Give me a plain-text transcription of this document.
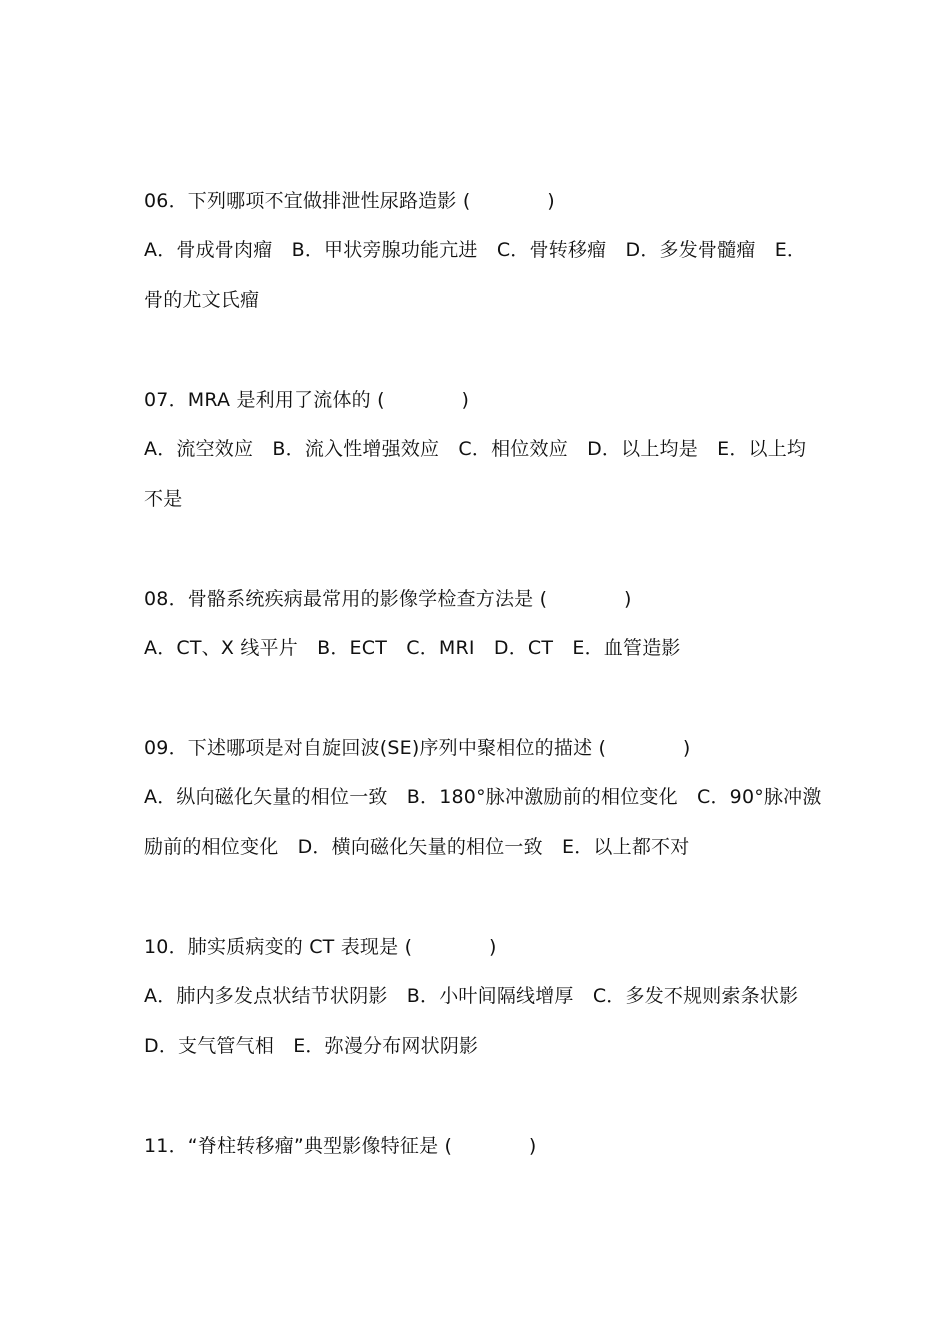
06．下列哪项不宜做排泄性尿路造影 (　　　　)
A．骨成骨肉瘤　B．甲状旁腺功能亢进　C．骨转移瘤　D．多发骨髓瘤　E．
骨的尤文氏瘤
07．MRA 是利用了流体的 (　　　　)
A．流空效应　B．流入性增强效应　C．相位效应　D．以上均是　E．以上均
不是
08．骨骼系统疾病最常用的影像学检查方法是 (　　　　)
A．CT、X 线平片　B．ECT　C．MRI　D．CT　E．血管造影
09．下述哪项是对自旋回波(SE)序列中聚相位的描述 (　　　　)
A．纵向磁化矢量的相位一致　B．180°脉冲激励前的相位变化　C．90°脉冲激
励前的相位变化　D．横向磁化矢量的相位一致　E．以上都不对
10．肺实质病变的 CT 表现是 (　　　　)
A．肺内多发点状结节状阴影　B．小叶间隔线增厚　C．多发不规则索条状影
D．支气管气相　E．弥漫分布网状阴影
11．“脊柱转移瘤”典型影像特征是 (　　　　)
